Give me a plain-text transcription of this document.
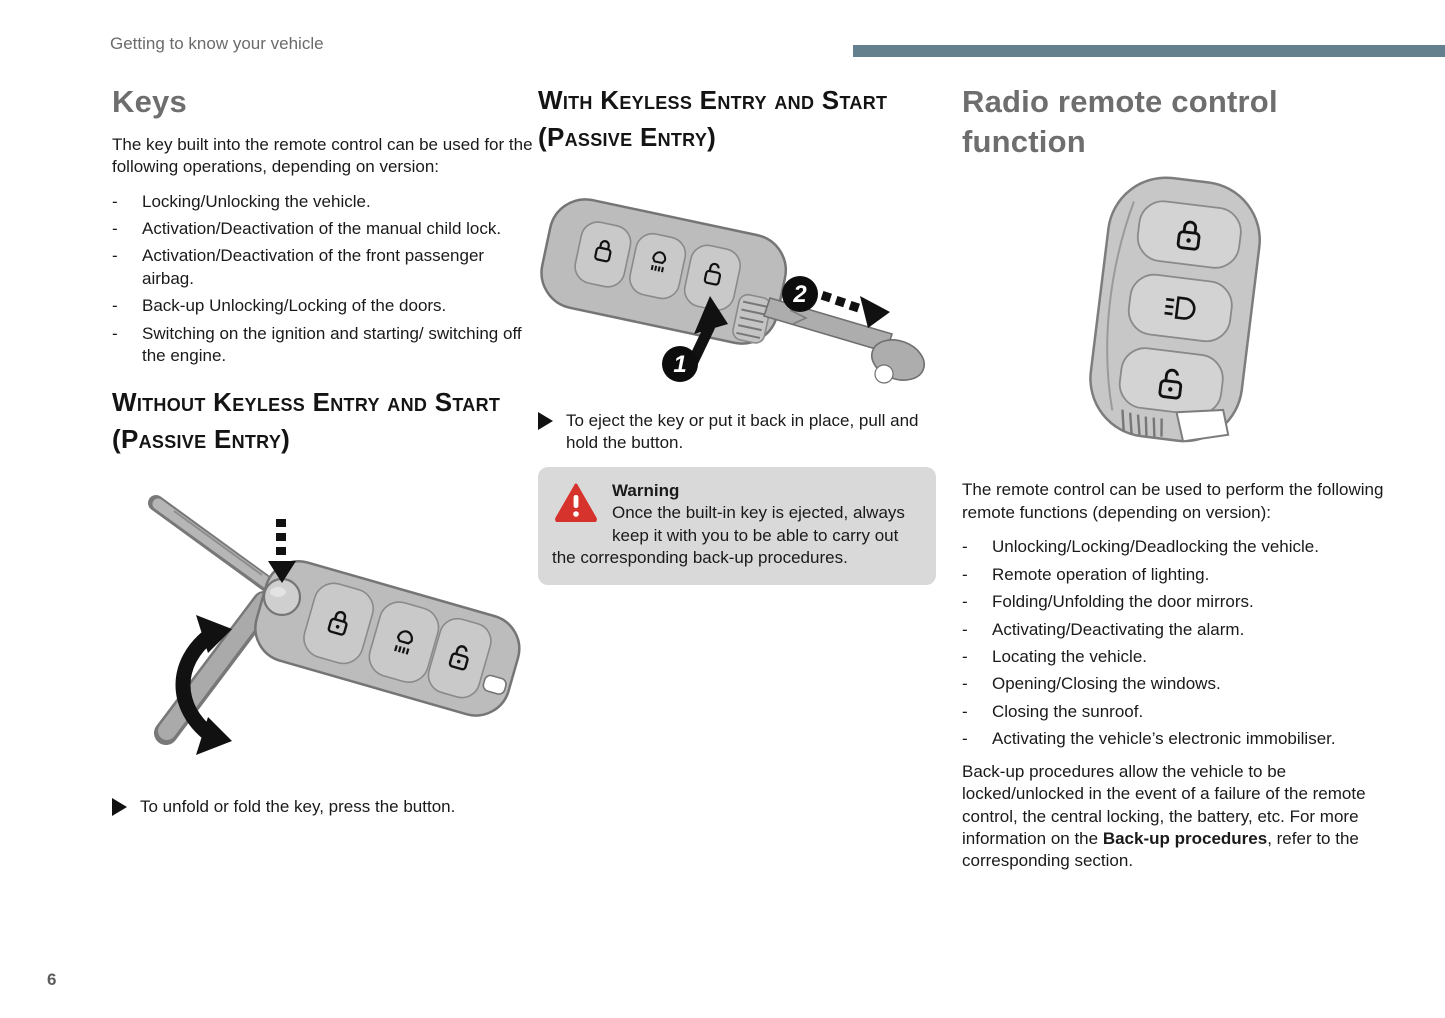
Getting to know your vehicle
Keys

The key built into the remote control can be used for the following operations, depending on version:

-	Locking/Unlocking the vehicle.
-	Activation/Deactivation of the manual child lock.
-	Activation/Deactivation of the front passenger airbag.
-	Back-up Unlocking/Locking of the doors.
-	Switching on the ignition and starting/ switching off the engine.
Without Keyless Entry and Start (Passive Entry)
To unfold or fold the key, press the button.
With Keyless Entry and Start (Passive Entry)
1
2
To eject the key or put it back in place, pull and hold the button.
Warning
Once the built-in key is ejected, always keep it with you to be able to carry out the corresponding back-up procedures.
Radio remote control function

The remote control can be used to perform the following remote functions (depending on version):

-	Unlocking/Locking/Deadlocking the vehicle.
-	Remote operation of lighting.
-	Folding/Unfolding the door mirrors.
-	Activating/Deactivating the alarm.
-	Locating the vehicle.
-	Opening/Closing the windows.
-	Closing the sunroof.
-	Activating the vehicle’s electronic immobiliser.

Back-up procedures allow the vehicle to be locked/unlocked in the event of a failure of the remote control, the central locking, the battery, etc. For more information on the Back-up procedures, refer to the corresponding section.

6
